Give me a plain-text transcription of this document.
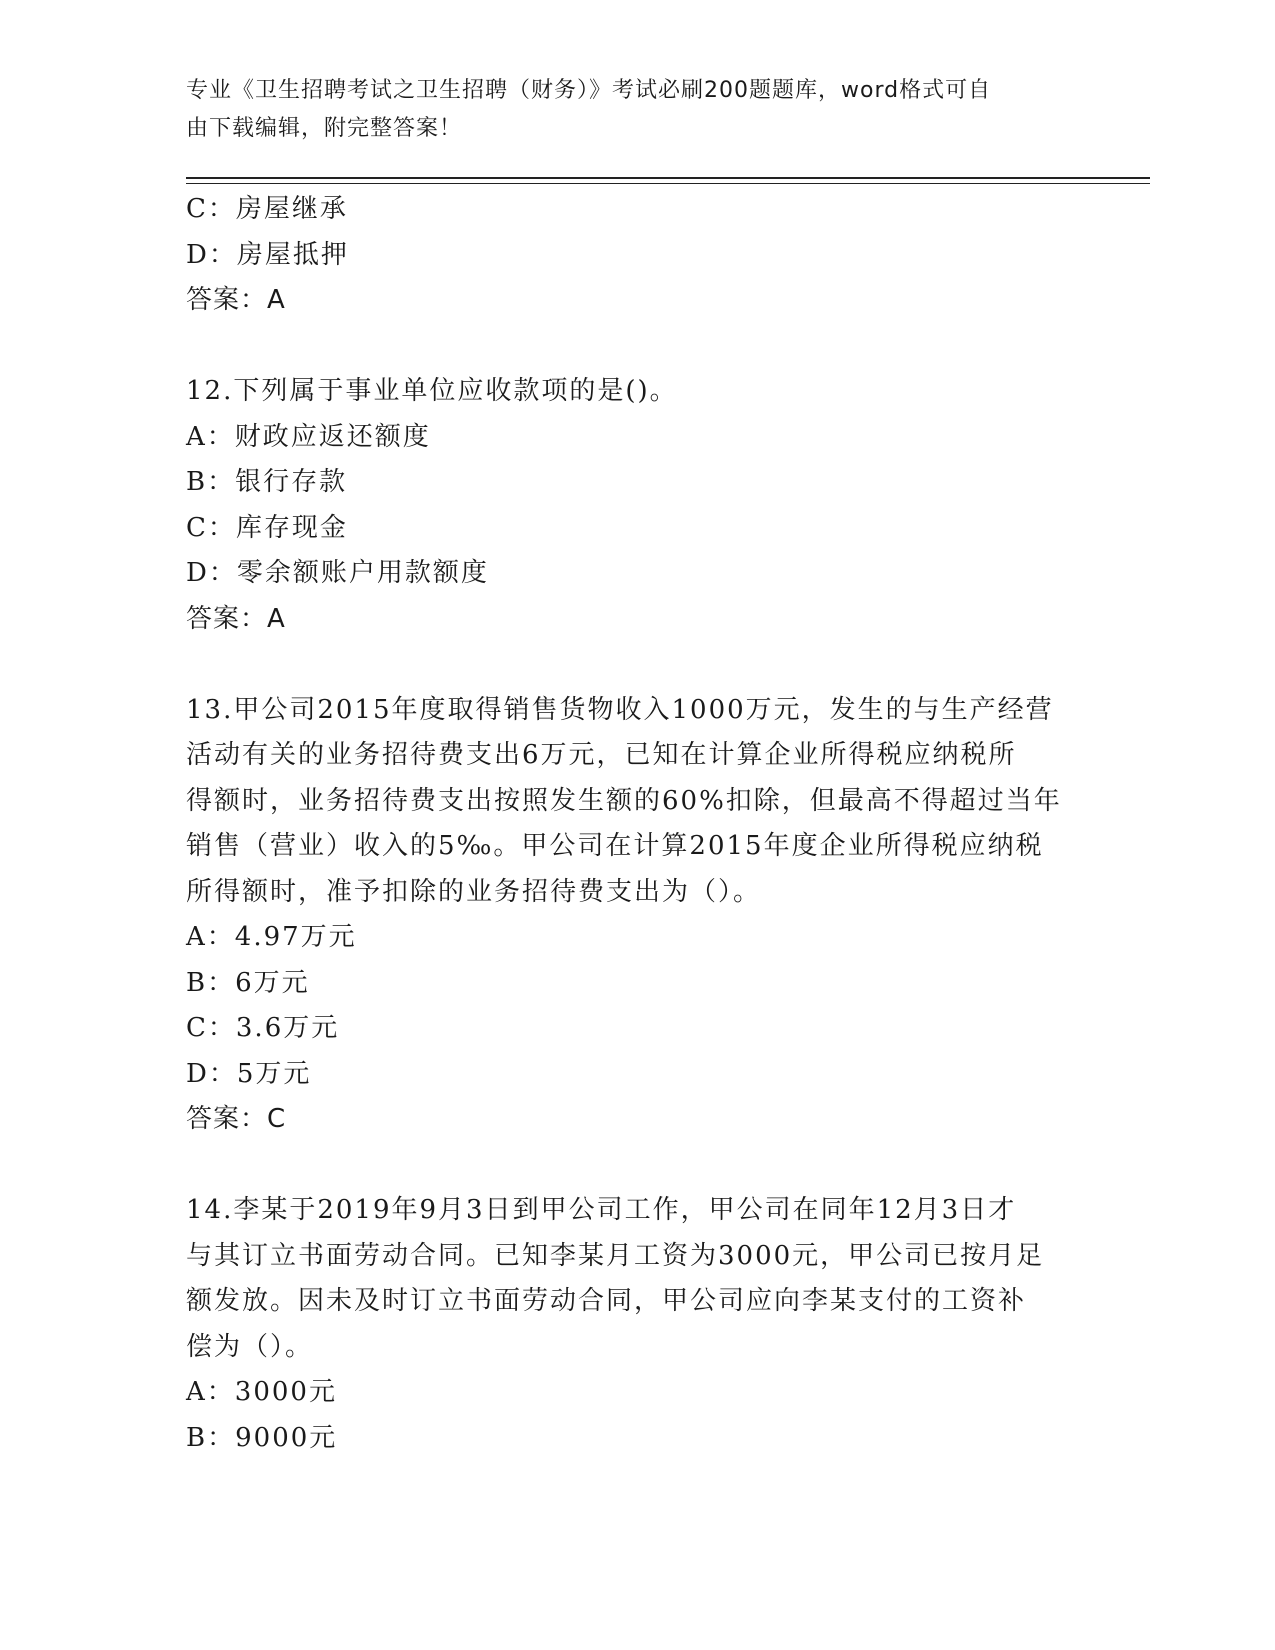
专业《卫生招聘考试之卫生招聘（财务）》考试必刷200题题库，word格式可自
由下载编辑，附完整答案！
C：房屋继承
D：房屋抵押
答案：A
12.下列属于事业单位应收款项的是()。
A：财政应返还额度
B：银行存款
C：库存现金
D：零余额账户用款额度
答案：A
13.甲公司2015年度取得销售货物收入1000万元，发生的与生产经营
活动有关的业务招待费支出6万元，已知在计算企业所得税应纳税所
得额时，业务招待费支出按照发生额的60%扣除，但最高不得超过当年
销售（营业）收入的5‰。甲公司在计算2015年度企业所得税应纳税
所得额时，准予扣除的业务招待费支出为（）。
A：4.97万元
B：6万元
C：3.6万元
D：5万元
答案：C
14.李某于2019年9月3日到甲公司工作，甲公司在同年12月3日才
与其订立书面劳动合同。已知李某月工资为3000元，甲公司已按月足
额发放。因未及时订立书面劳动合同，甲公司应向李某支付的工资补
偿为（）。
A：3000元
B：9000元
